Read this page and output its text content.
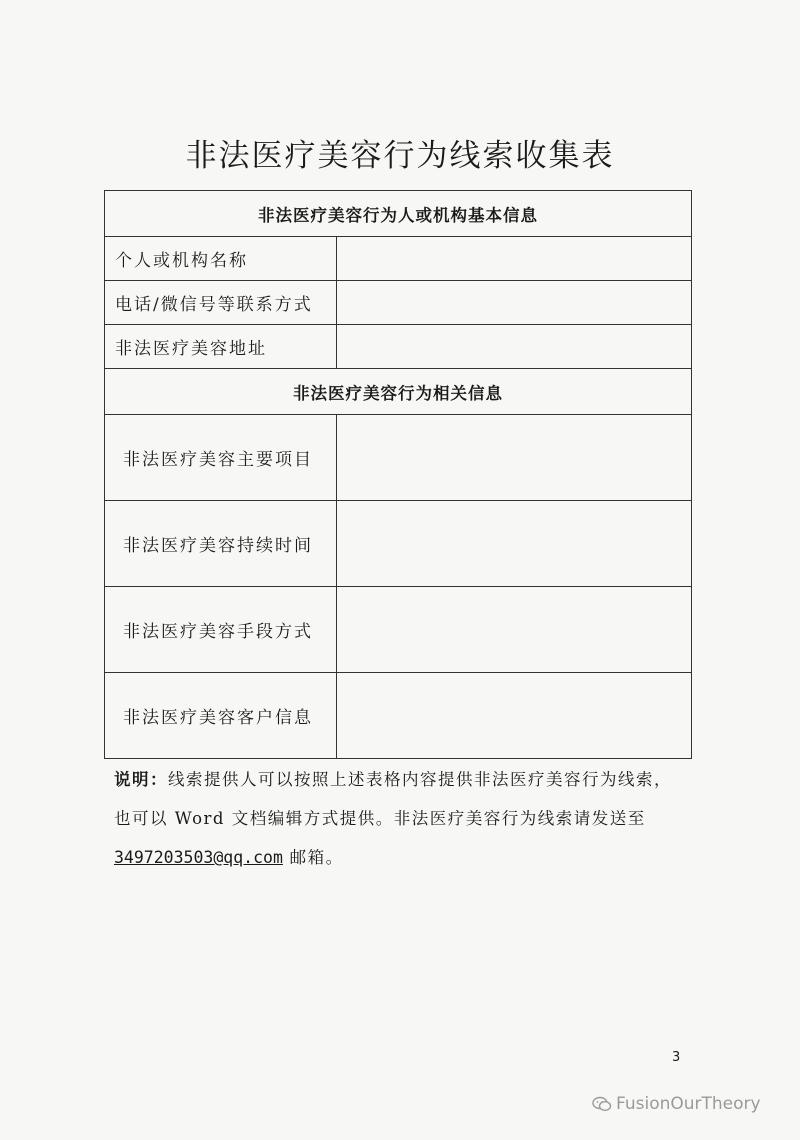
非法医疗美容行为线索收集表
非法医疗美容行为人或机构基本信息	
个人或机构名称	
电话/微信号等联系方式	
非法医疗美容地址	
非法医疗美容行为相关信息	
非法医疗美容主要项目	
非法医疗美容持续时间	
非法医疗美容手段方式	
非法医疗美容客户信息	
说明：线索提供人可以按照上述表格内容提供非法医疗美容行为线索，
也可以 Word 文档编辑方式提供。非法医疗美容行为线索请发送至
3497203503@qq.com 邮箱。
3
FusionOurTheory
